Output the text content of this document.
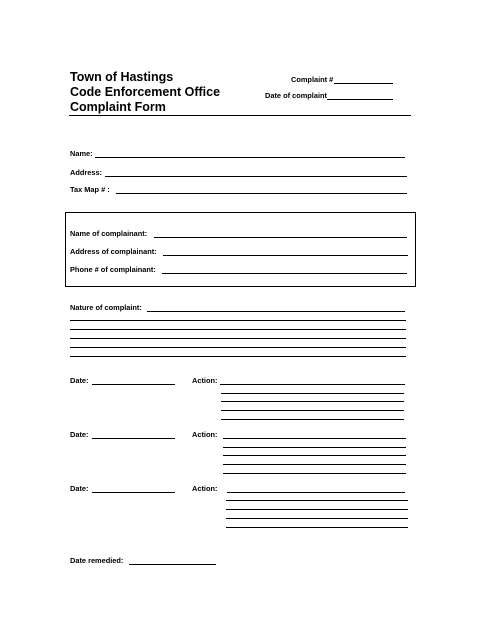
Town of Hastings
Code Enforcement Office
Complaint Form
Complaint #
Date of complaint
Name:
Address:
Tax Map # :
Name of complainant:
Address of complainant:
Phone # of complainant:
Nature of complaint:
Date:	Action:
Date:	Action:
Date:	Action:
Date remedied:
